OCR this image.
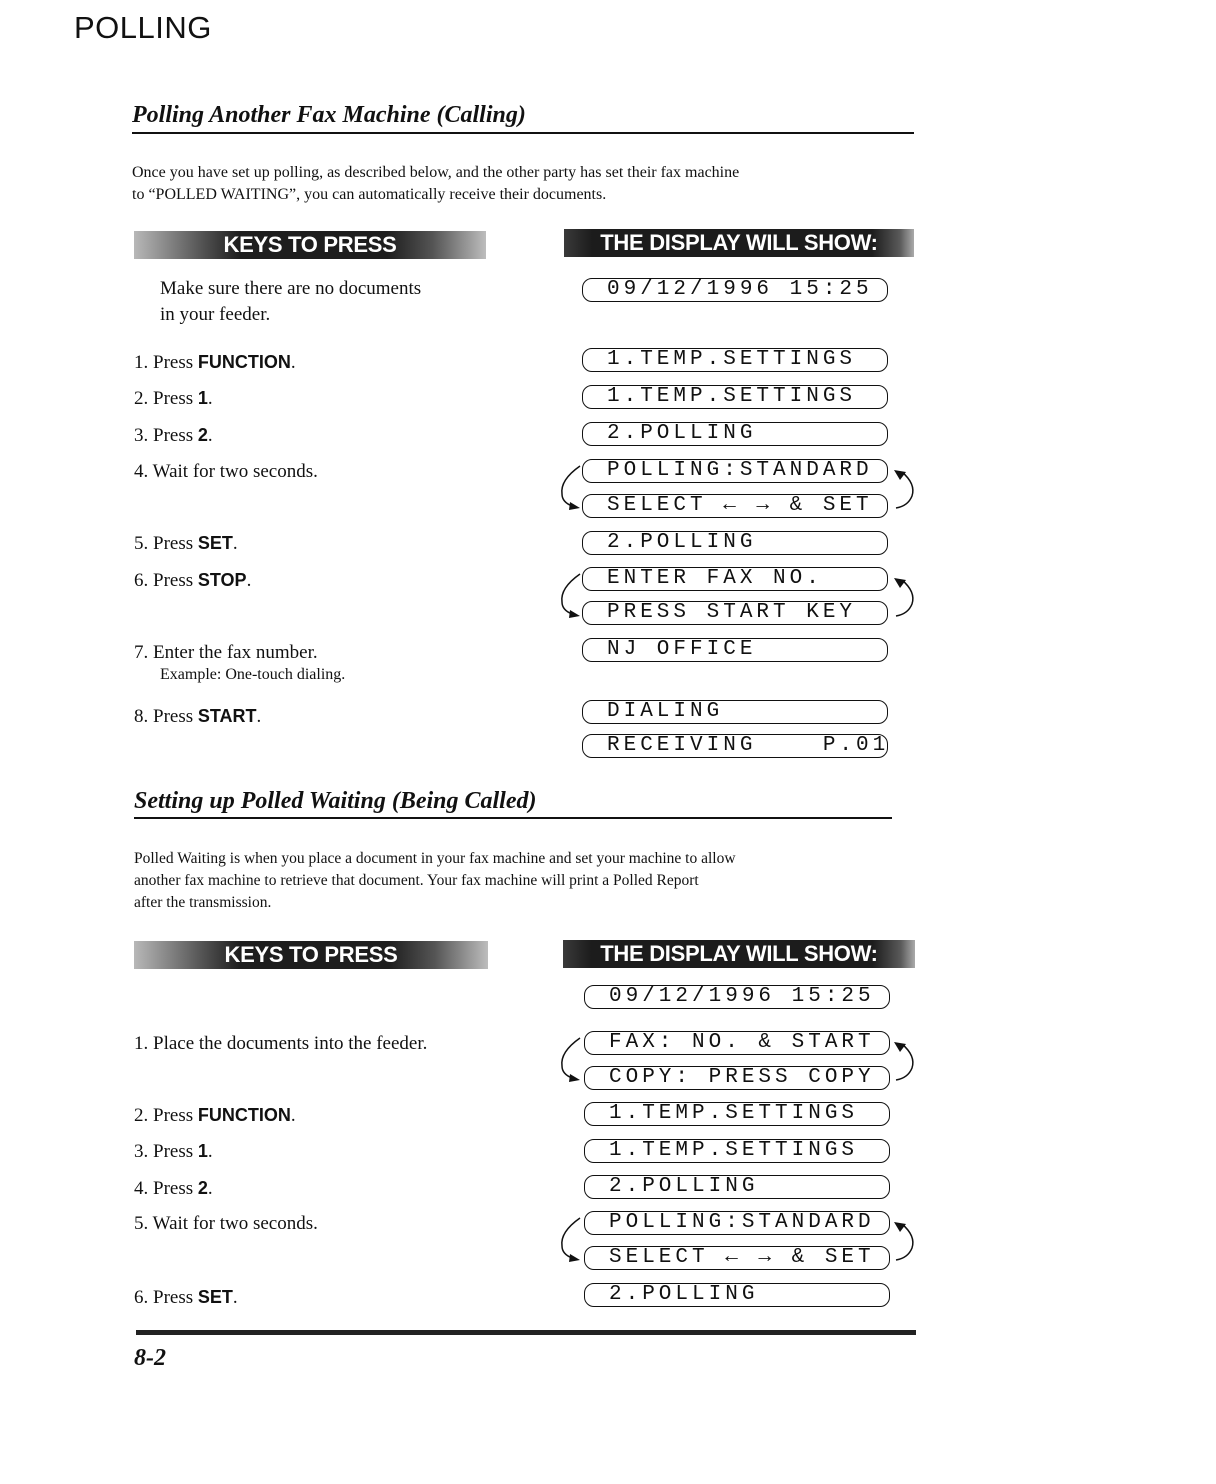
POLLING
Polling Another Fax Machine (Calling)
Once you have set up polling, as described below, and the other party has set their fax machine
to “POLLED WAITING”, you can automatically receive their documents.
KEYS TO PRESS	THE DISPLAY WILL SHOW:
Make sure there are no documents
in your feeder.
1. Press FUNCTION.
2. Press 1.
3. Press 2.
4. Wait for two seconds.
5. Press SET.
6. Press STOP.
7. Enter the fax number.
Example: One-touch dialing.
8. Press START.
09/12/1996 15:25
1.TEMP.SETTINGS
1.TEMP.SETTINGS
2.POLLING
POLLING:STANDARD
SELECT ← → & SET
2.POLLING
ENTER FAX NO.
PRESS START KEY
NJ OFFICE
DIALING
RECEIVING    P.01
Setting up Polled Waiting (Being Called)
Polled Waiting is when you place a document in your fax machine and set your machine to allow
another fax machine to retrieve that document. Your fax machine will print a Polled Report
after the transmission.
KEYS TO PRESS	THE DISPLAY WILL SHOW:
1. Place the documents into the feeder.
2. Press FUNCTION.
3. Press 1.
4. Press 2.
5. Wait for two seconds.
6. Press SET.
09/12/1996 15:25
FAX: NO. & START
COPY: PRESS COPY
1.TEMP.SETTINGS
1.TEMP.SETTINGS
2.POLLING
POLLING:STANDARD
SELECT ← → & SET
2.POLLING
8-2
